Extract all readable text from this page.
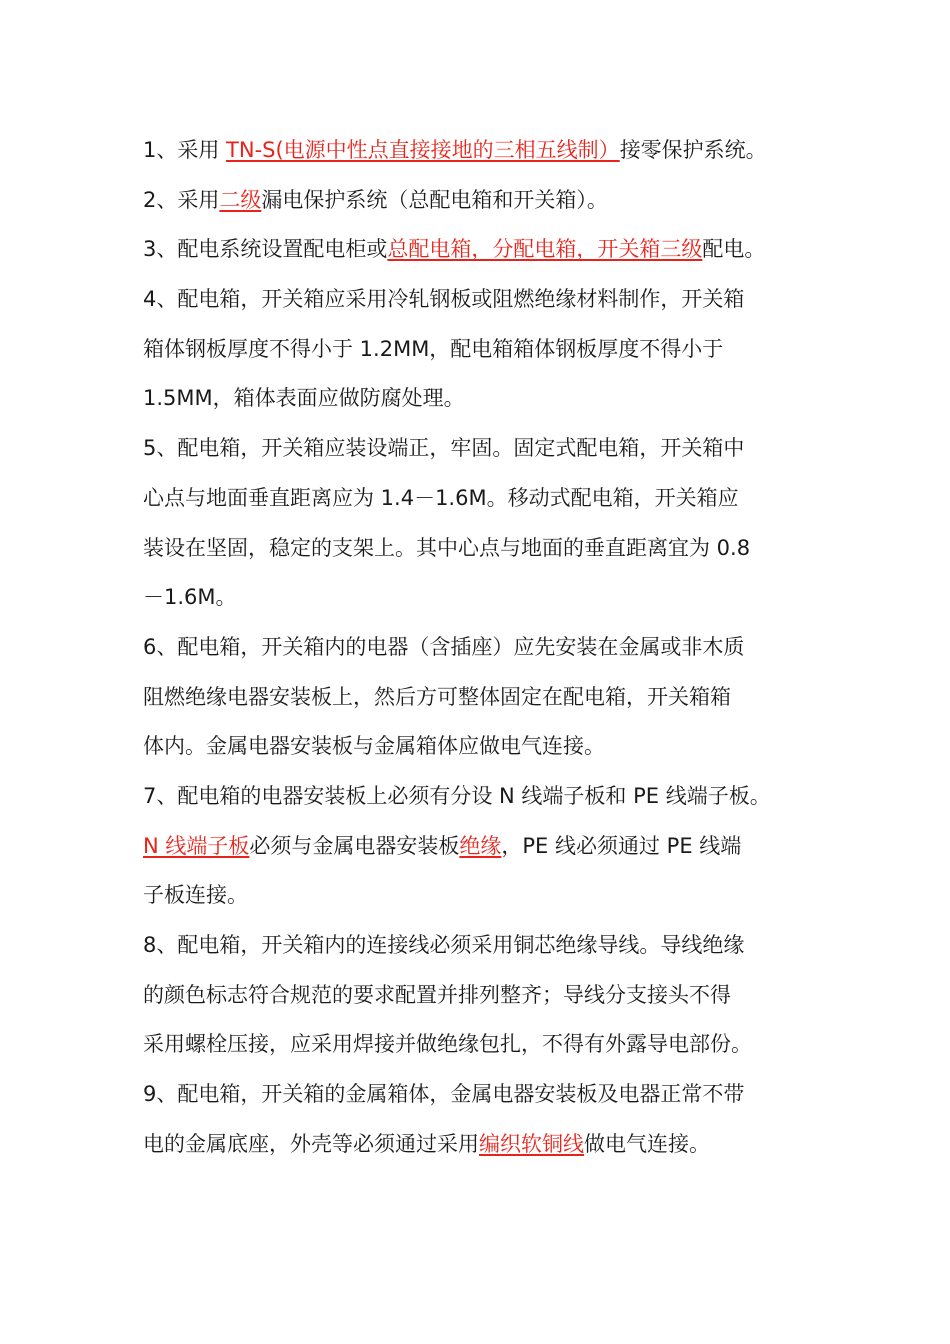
1、采用 TN-S(电源中性点直接接地的三相五线制）接零保护系统。
2、采用二级漏电保护系统（总配电箱和开关箱）。
3、配电系统设置配电柜或总配电箱，分配电箱，开关箱三级配电。
4、配电箱，开关箱应采用冷轧钢板或阻燃绝缘材料制作，开关箱
箱体钢板厚度不得小于 1.2MM，配电箱箱体钢板厚度不得小于
1.5MM，箱体表面应做防腐处理。
5、配电箱，开关箱应装设端正，牢固。固定式配电箱，开关箱中
心点与地面垂直距离应为 1.4－1.6M。移动式配电箱，开关箱应
装设在坚固，稳定的支架上。其中心点与地面的垂直距离宜为 0.8
－1.6M。
6、配电箱，开关箱内的电器（含插座）应先安装在金属或非木质
阻燃绝缘电器安装板上，然后方可整体固定在配电箱，开关箱箱
体内。金属电器安装板与金属箱体应做电气连接。
7、配电箱的电器安装板上必须有分设 N 线端子板和 PE 线端子板。
N 线端子板必须与金属电器安装板绝缘，PE 线必须通过 PE 线端
子板连接。
8、配电箱，开关箱内的连接线必须采用铜芯绝缘导线。导线绝缘
的颜色标志符合规范的要求配置并排列整齐；导线分支接头不得
采用螺栓压接，应采用焊接并做绝缘包扎，不得有外露导电部份。
9、配电箱，开关箱的金属箱体，金属电器安装板及电器正常不带
电的金属底座，外壳等必须通过采用编织软铜线做电气连接。
